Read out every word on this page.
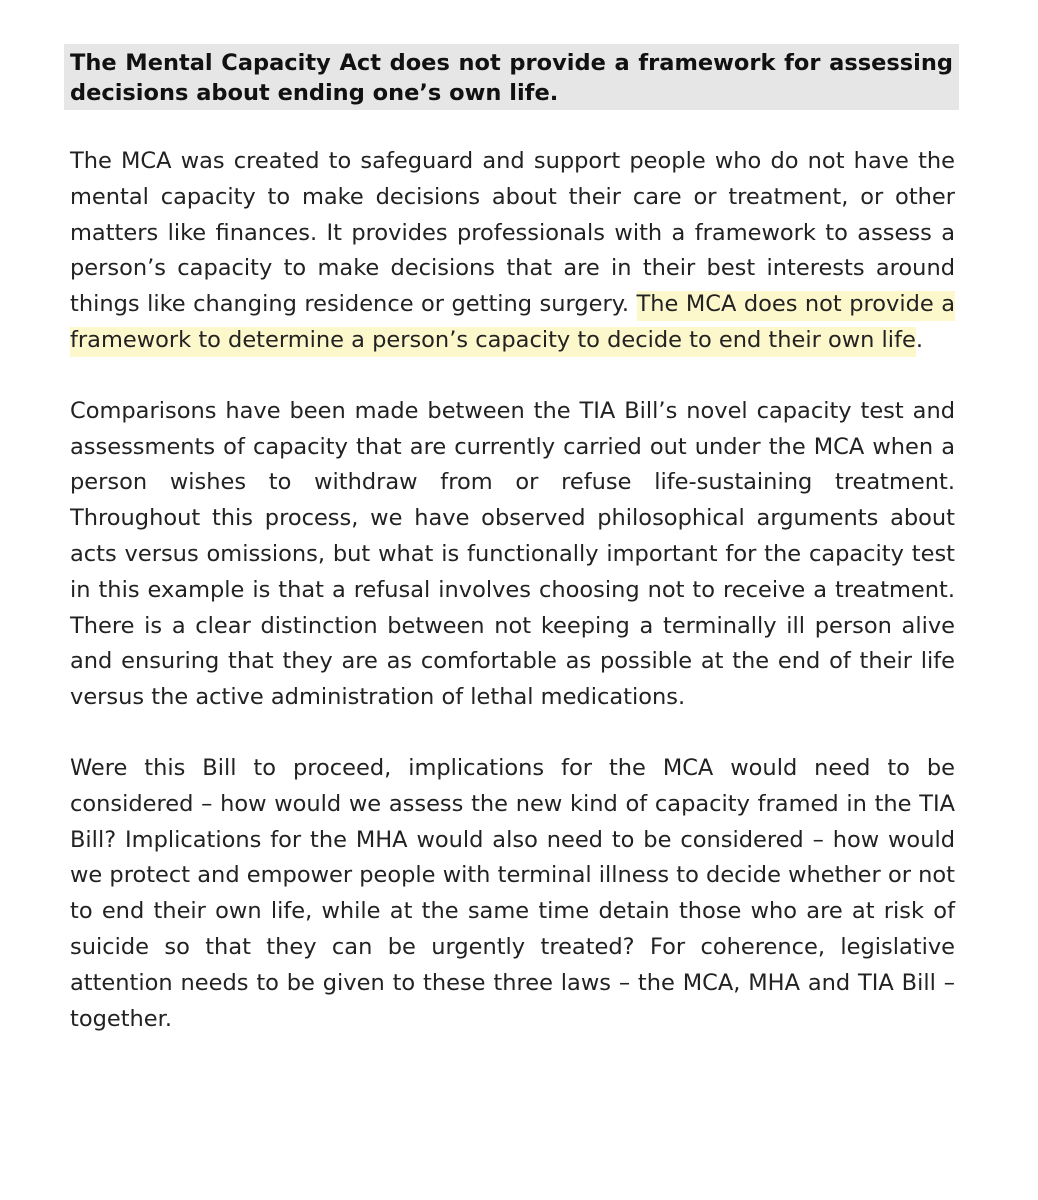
The Mental Capacity Act does not provide a framework for assessing decisions about ending one’s own life.

The MCA was created to safeguard and support people who do not have the mental capacity to make decisions about their care or treatment, or other matters like finances. It provides professionals with a framework to assess a person’s capacity to make decisions that are in their best interests around things like changing residence or getting surgery. The MCA does not provide a framework to determine a person’s capacity to decide to end their own life.

Comparisons have been made between the TIA Bill’s novel capacity test and assessments of capacity that are currently carried out under the MCA when a person wishes to withdraw from or refuse life-sustaining treatment. Throughout this process, we have observed philosophical arguments about acts versus omissions, but what is functionally important for the capacity test in this example is that a refusal involves choosing not to receive a treatment. There is a clear distinction between not keeping a terminally ill person alive and ensuring that they are as comfortable as possible at the end of their life versus the active administration of lethal medications.

Were this Bill to proceed, implications for the MCA would need to be considered – how would we assess the new kind of capacity framed in the TIA Bill? Implications for the MHA would also need to be considered – how would we protect and empower people with terminal illness to decide whether or not to end their own life, while at the same time detain those who are at risk of suicide so that they can be urgently treated? For coherence, legislative attention needs to be given to these three laws – the MCA, MHA and TIA Bill – together.
